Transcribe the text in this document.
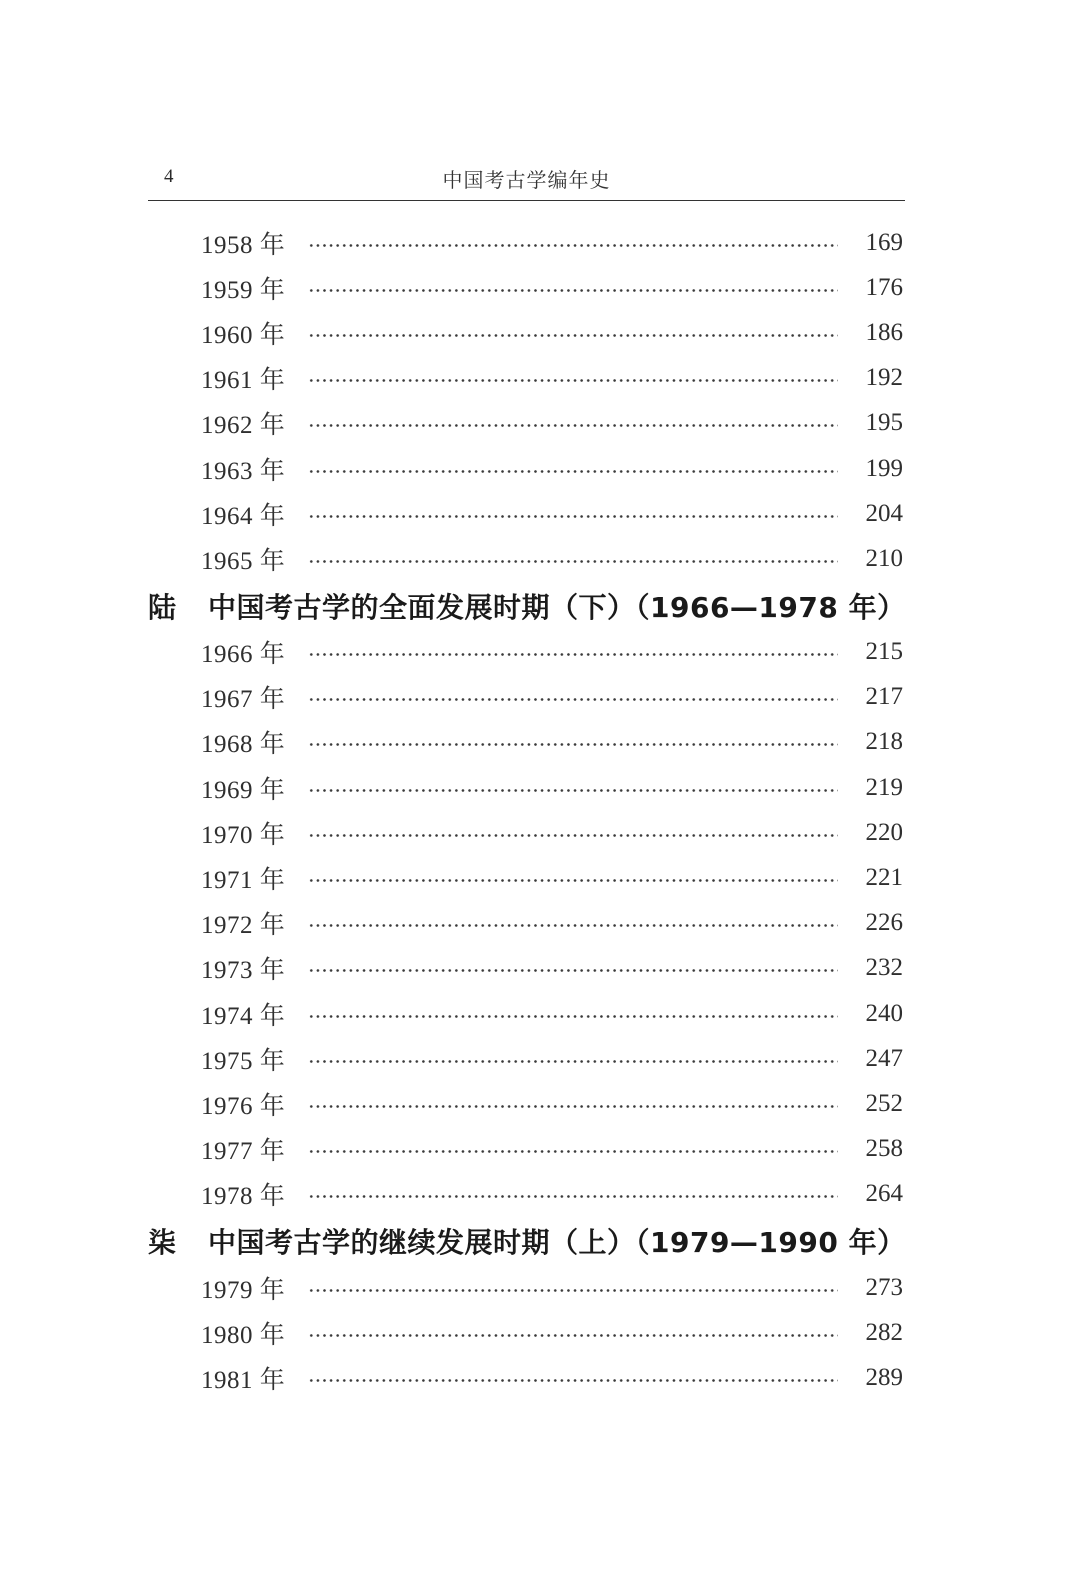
4	中国考古学编年史
1958 年	169
1959 年	176
1960 年	186
1961 年	192
1962 年	195
1963 年	199
1964 年	204
1965 年	210
陆 中国考古学的全面发展时期（下）（1966—1978 年）
1966 年	215
1967 年	217
1968 年	218
1969 年	219
1970 年	220
1971 年	221
1972 年	226
1973 年	232
1974 年	240
1975 年	247
1976 年	252
1977 年	258
1978 年	264
柒 中国考古学的继续发展时期（上）（1979—1990 年）
1979 年	273
1980 年	282
1981 年	289
